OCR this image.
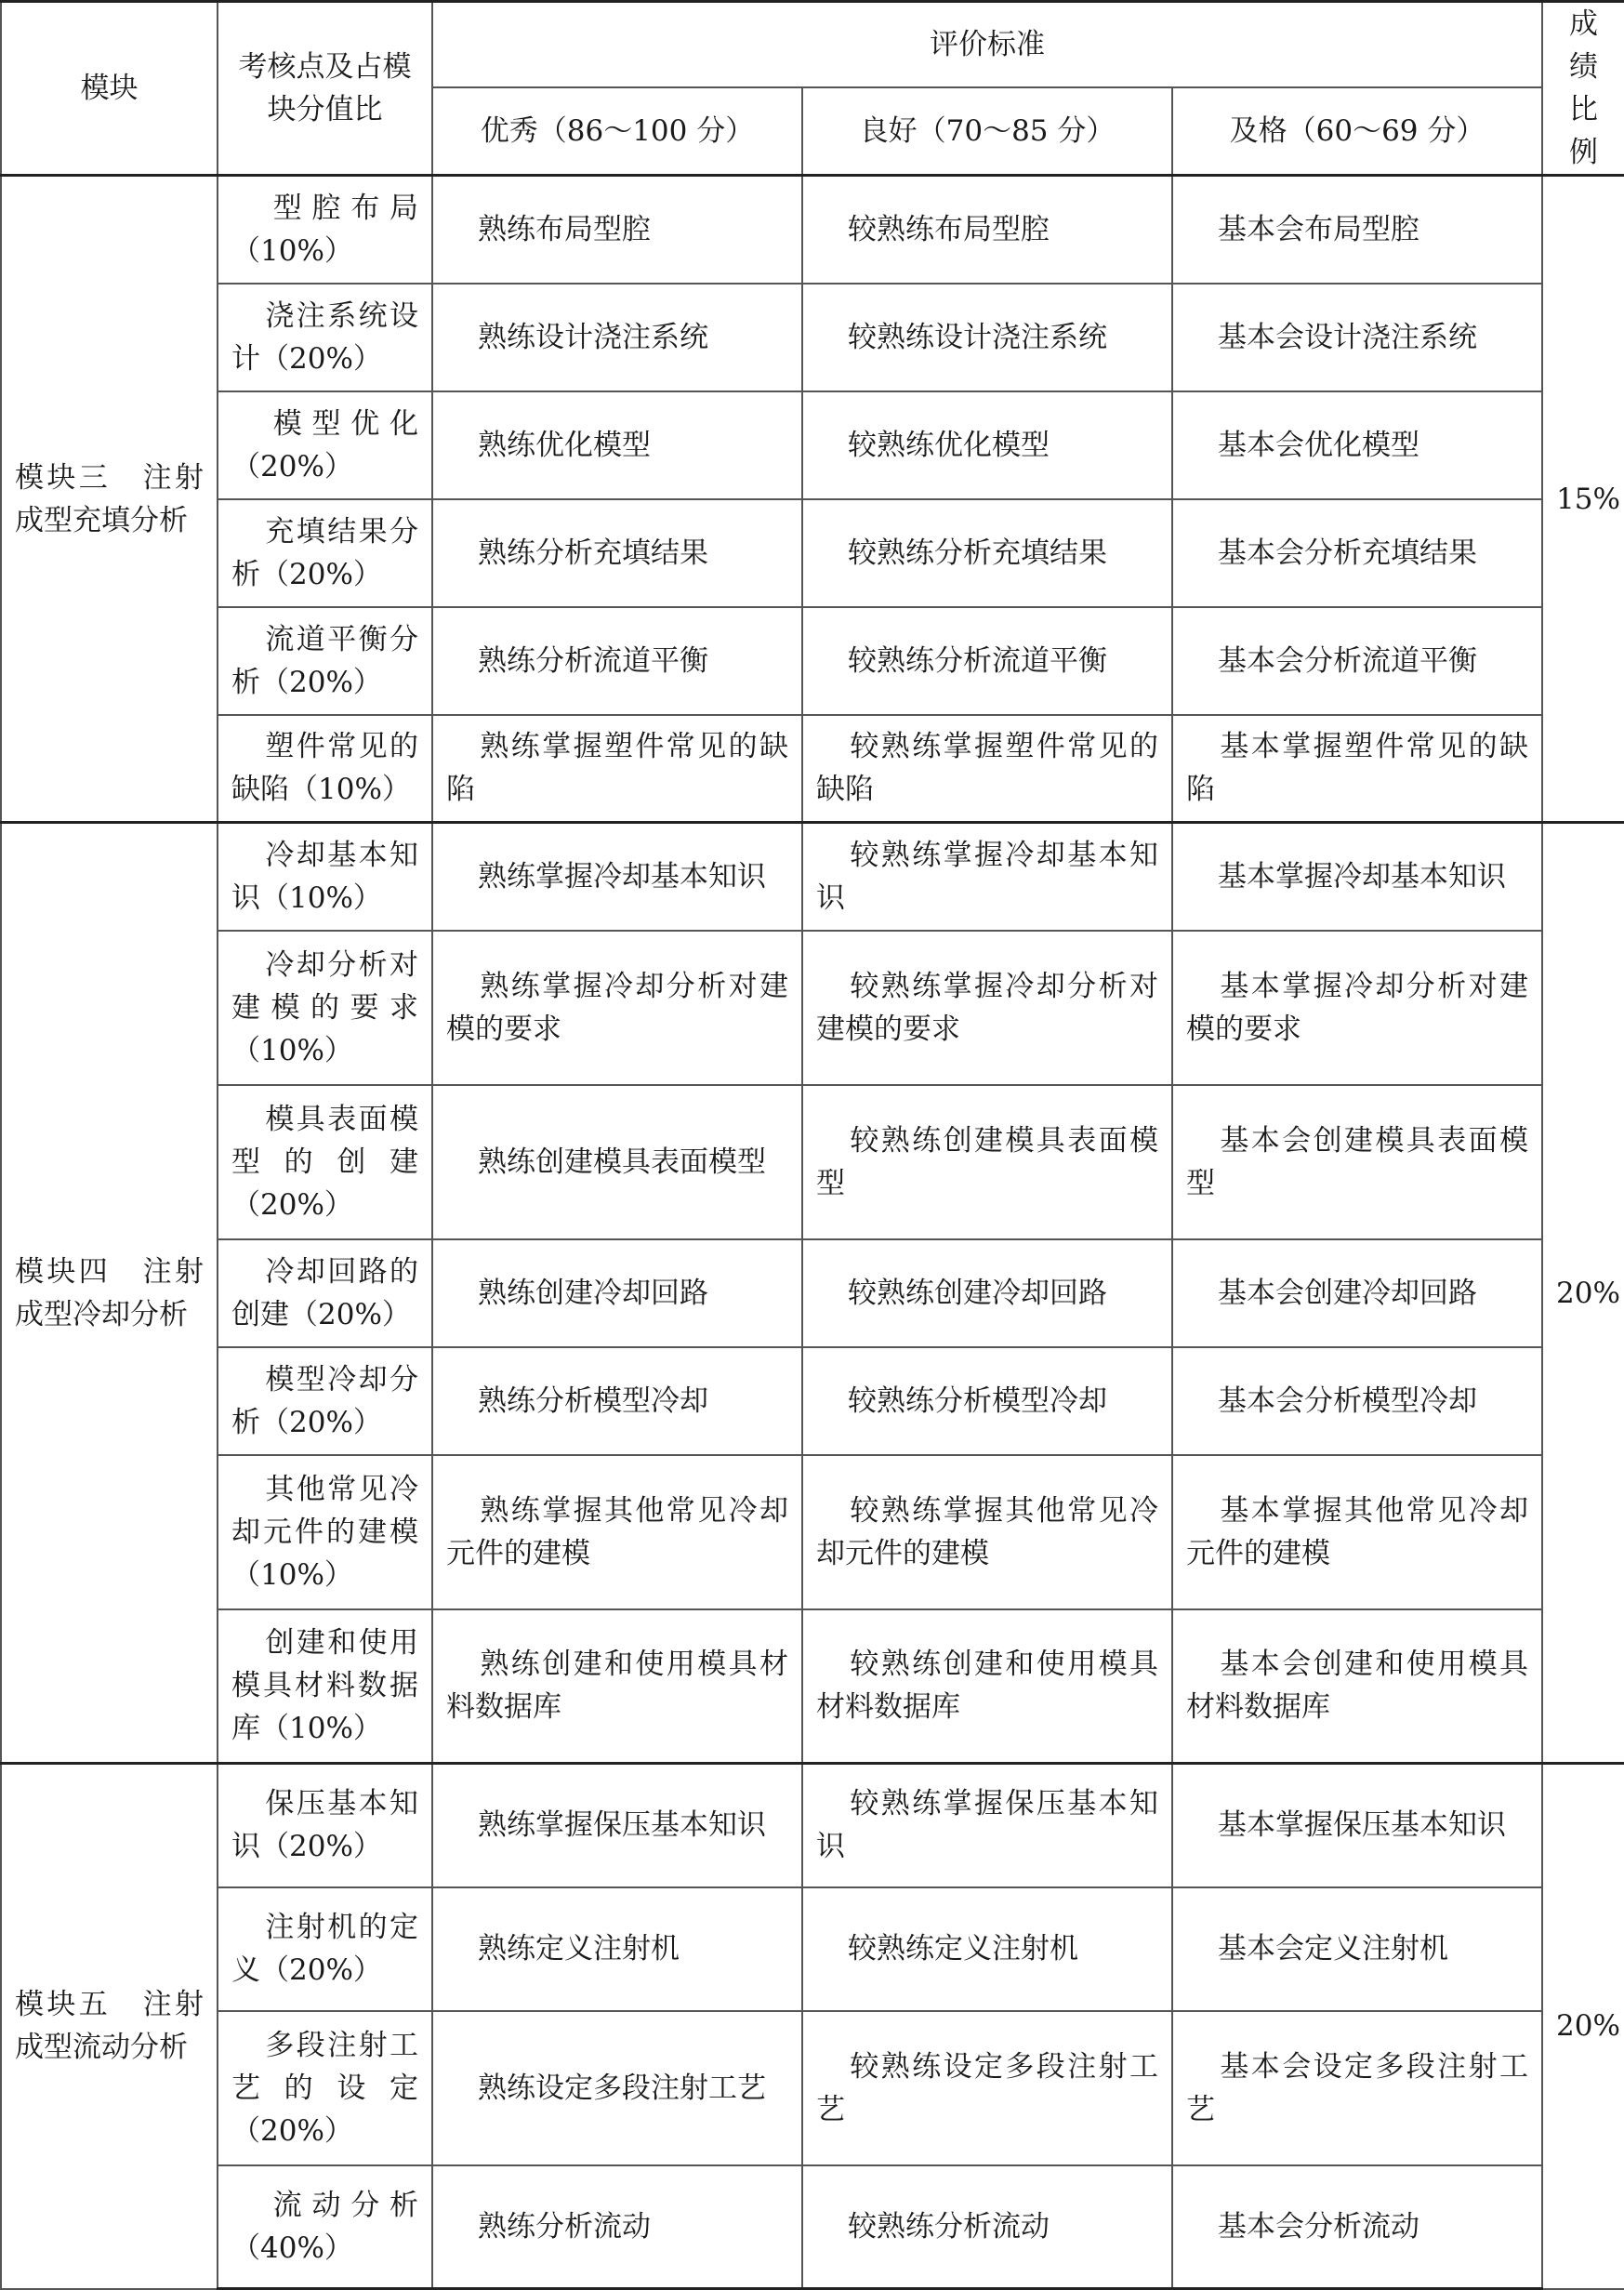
模块	考核点及占模块分值比	评价标准			成绩比例
		优秀（86～100 分）	良好（70～85 分）	及格（60～69 分）	
模块三　注射成型充填分析	型腔布局（10%）	熟练布局型腔	较熟练布局型腔	基本会布局型腔	15%
	浇注系统设计（20%）	熟练设计浇注系统	较熟练设计浇注系统	基本会设计浇注系统	
	模型优化（20%）	熟练优化模型	较熟练优化模型	基本会优化模型	
	充填结果分析（20%）	熟练分析充填结果	较熟练分析充填结果	基本会分析充填结果	
	流道平衡分析（20%）	熟练分析流道平衡	较熟练分析流道平衡	基本会分析流道平衡	
	塑件常见的缺陷（10%）	熟练掌握塑件常见的缺陷	较熟练掌握塑件常见的缺陷	基本掌握塑件常见的缺陷	
模块四　注射成型冷却分析	冷却基本知识（10%）	熟练掌握冷却基本知识	较熟练掌握冷却基本知识	基本掌握冷却基本知识	20%
	冷却分析对建模的要求（10%）	熟练掌握冷却分析对建模的要求	较熟练掌握冷却分析对建模的要求	基本掌握冷却分析对建模的要求	
	模具表面模型的创建（20%）	熟练创建模具表面模型	较熟练创建模具表面模型	基本会创建模具表面模型	
	冷却回路的创建（20%）	熟练创建冷却回路	较熟练创建冷却回路	基本会创建冷却回路	
	模型冷却分析（20%）	熟练分析模型冷却	较熟练分析模型冷却	基本会分析模型冷却	
	其他常见冷却元件的建模（10%）	熟练掌握其他常见冷却元件的建模	较熟练掌握其他常见冷却元件的建模	基本掌握其他常见冷却元件的建模	
	创建和使用模具材料数据库（10%）	熟练创建和使用模具材料数据库	较熟练创建和使用模具材料数据库	基本会创建和使用模具材料数据库	
模块五　注射成型流动分析	保压基本知识（20%）	熟练掌握保压基本知识	较熟练掌握保压基本知识	基本掌握保压基本知识	20%
	注射机的定义（20%）	熟练定义注射机	较熟练定义注射机	基本会定义注射机	
	多段注射工艺的设定（20%）	熟练设定多段注射工艺	较熟练设定多段注射工艺	基本会设定多段注射工艺	
	流动分析（40%）	熟练分析流动	较熟练分析流动	基本会分析流动	
